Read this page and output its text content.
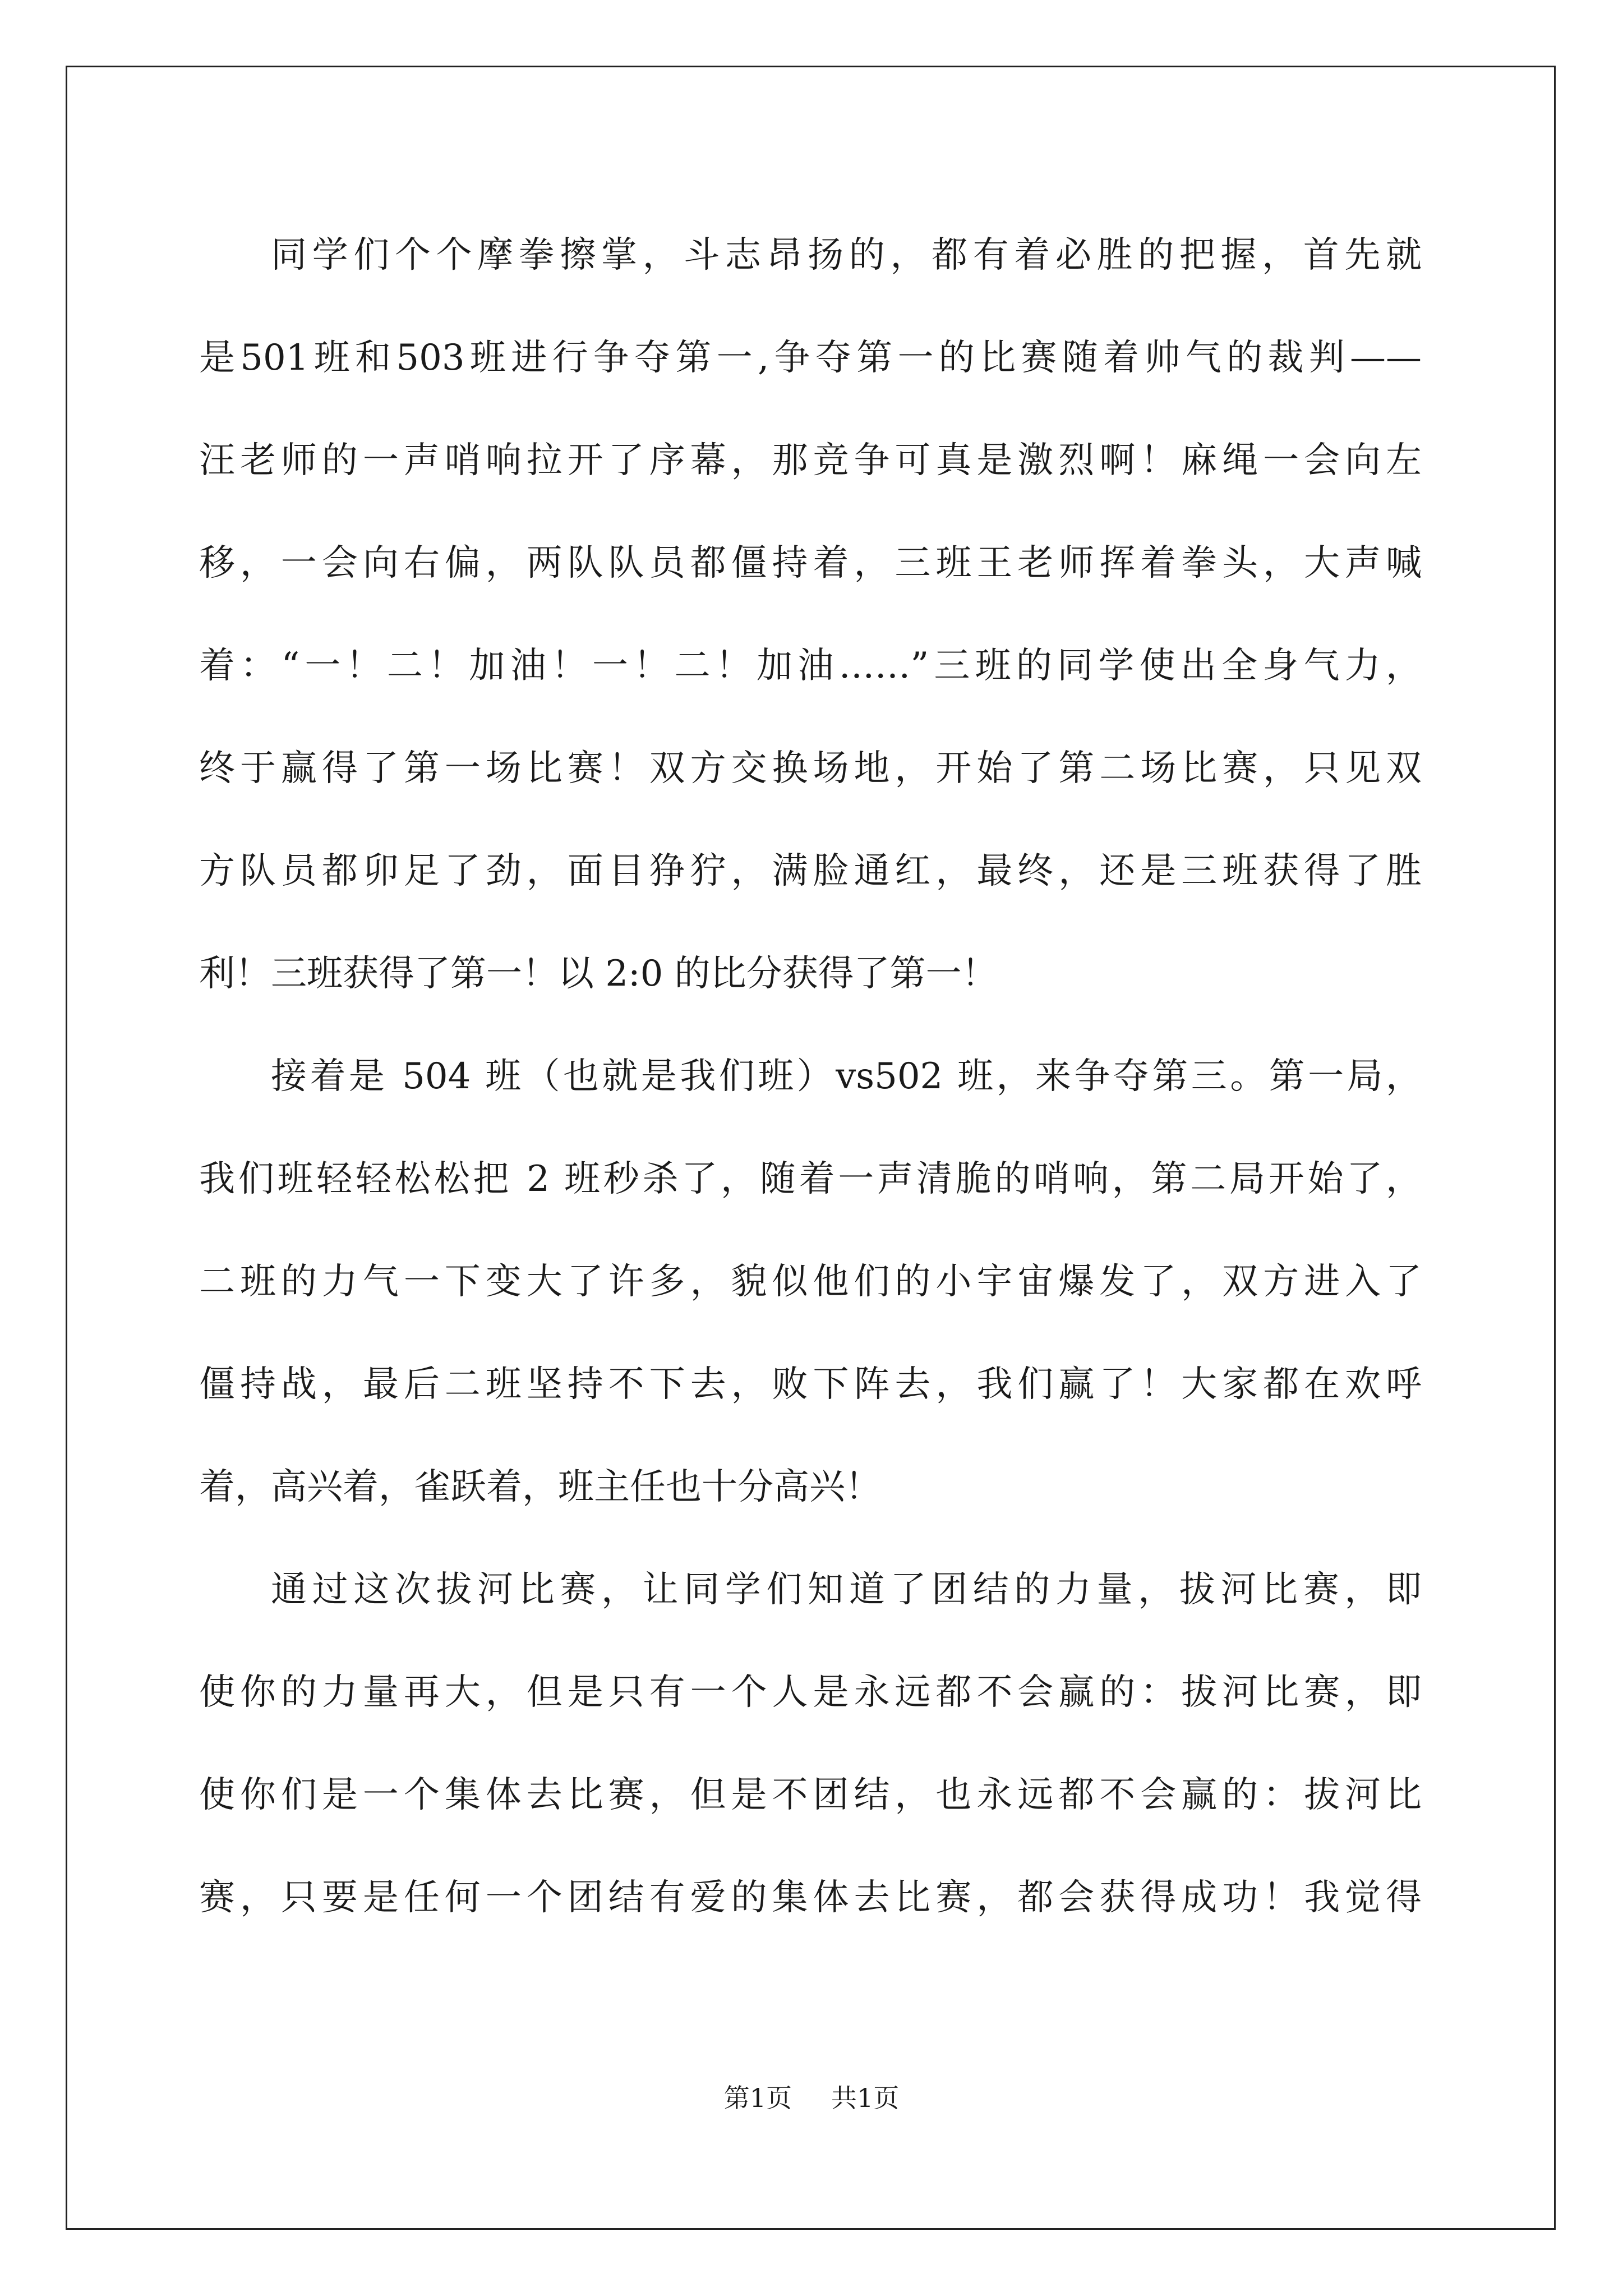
同学们个个摩拳擦掌，斗志昂扬的，都有着必胜的把握，首先就
是501班和503班进行争夺第一,争夺第一的比赛随着帅气的裁判——
汪老师的一声哨响拉开了序幕，那竞争可真是激烈啊！麻绳一会向左
移，一会向右偏，两队队员都僵持着，三班王老师挥着拳头，大声喊
着：“一！二！加油！一！二！加油……”三班的同学使出全身气力，
终于赢得了第一场比赛！双方交换场地，开始了第二场比赛，只见双
方队员都卯足了劲，面目狰狞，满脸通红，最终，还是三班获得了胜
利！三班获得了第一！以 2:0 的比分获得了第一！
接着是 504 班（也就是我们班）vs502 班，来争夺第三。第一局，
我们班轻轻松松把 2 班秒杀了，随着一声清脆的哨响，第二局开始了，
二班的力气一下变大了许多，貌似他们的小宇宙爆发了，双方进入了
僵持战，最后二班坚持不下去，败下阵去，我们赢了！大家都在欢呼
着，高兴着，雀跃着，班主任也十分高兴！
通过这次拔河比赛，让同学们知道了团结的力量，拔河比赛，即
使你的力量再大，但是只有一个人是永远都不会赢的：拔河比赛，即
使你们是一个集体去比赛，但是不团结，也永远都不会赢的：拔河比
赛，只要是任何一个团结有爱的集体去比赛，都会获得成功！我觉得
第1页 共1页
